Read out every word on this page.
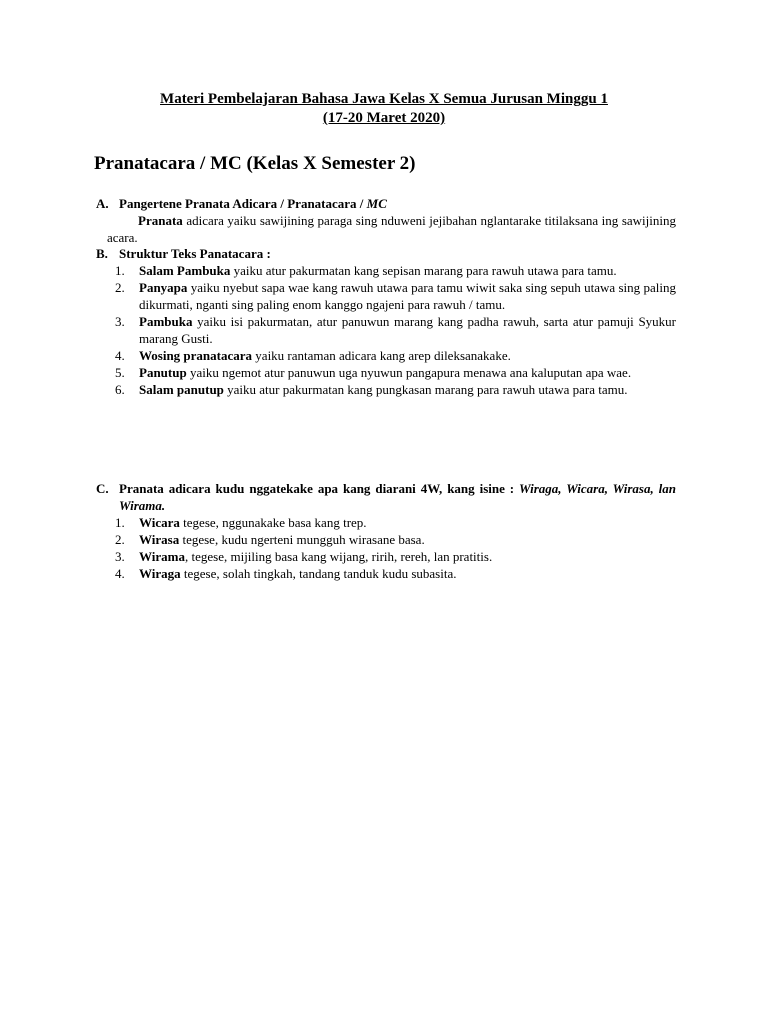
Materi Pembelajaran Bahasa Jawa Kelas X Semua Jurusan Minggu 1
(17-20 Maret 2020)
Pranatacara / MC (Kelas X Semester 2)
A. Pangertene Pranata Adicara / Pranatacara / MC
Pranata adicara yaiku sawijining paraga sing nduweni jejibahan nglantarake titilaksana ing sawijining acara.
B. Struktur Teks Panatacara :
1.	Salam Pambuka yaiku atur pakurmatan kang sepisan marang para rawuh utawa para tamu.
2.	Panyapa yaiku nyebut sapa wae kang rawuh utawa para tamu wiwit saka sing sepuh utawa sing paling dikurmati, nganti sing paling enom kanggo ngajeni para rawuh / tamu.
3.	Pambuka yaiku isi pakurmatan, atur panuwun marang kang padha rawuh, sarta atur pamuji Syukur marang Gusti.
4.	Wosing pranatacara yaiku rantaman adicara kang arep dileksanakake.
5.	Panutup yaiku ngemot atur panuwun uga nyuwun pangapura menawa ana kaluputan apa wae.
6.	Salam panutup yaiku atur pakurmatan kang pungkasan marang para rawuh utawa para tamu.
C. Pranata adicara kudu nggatekake apa kang diarani 4W, kang isine : Wiraga, Wicara, Wirasa, lan Wirama.
1.	Wicara tegese, nggunakake basa kang trep.
2.	Wirasa tegese, kudu ngerteni mungguh wirasane basa.
3.	Wirama, tegese, mijiling basa kang wijang, ririh, rereh, lan pratitis.
4.	Wiraga tegese, solah tingkah, tandang tanduk kudu subasita.
